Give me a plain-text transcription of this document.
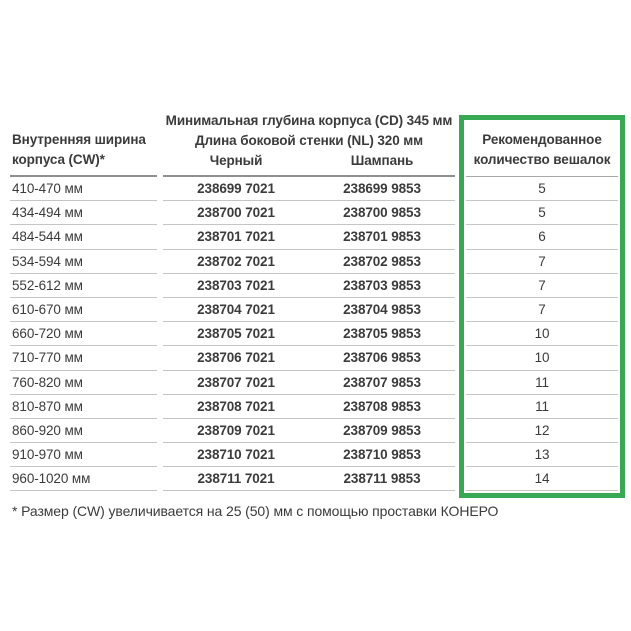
Внутренняя ширина
корпуса (CW)*
Минимальная глубина корпуса (CD) 345 мм
Длина боковой стенки (NL) 320 мм
Черный	Шампань
Рекомендованное
количество вешалок
410-470 мм	238699 7021	238699 9853	5
434-494 мм	238700 7021	238700 9853	5
484-544 мм	238701 7021	238701 9853	6
534-594 мм	238702 7021	238702 9853	7
552-612 мм	238703 7021	238703 9853	7
610-670 мм	238704 7021	238704 9853	7
660-720 мм	238705 7021	238705 9853	10
710-770 мм	238706 7021	238706 9853	10
760-820 мм	238707 7021	238707 9853	11
810-870 мм	238708 7021	238708 9853	11
860-920 мм	238709 7021	238709 9853	12
910-970 мм	238710 7021	238710 9853	13
960-1020 мм	238711 7021	238711 9853	14
* Размер (CW) увеличивается на 25 (50) мм с помощью проставки КОНЕРО
